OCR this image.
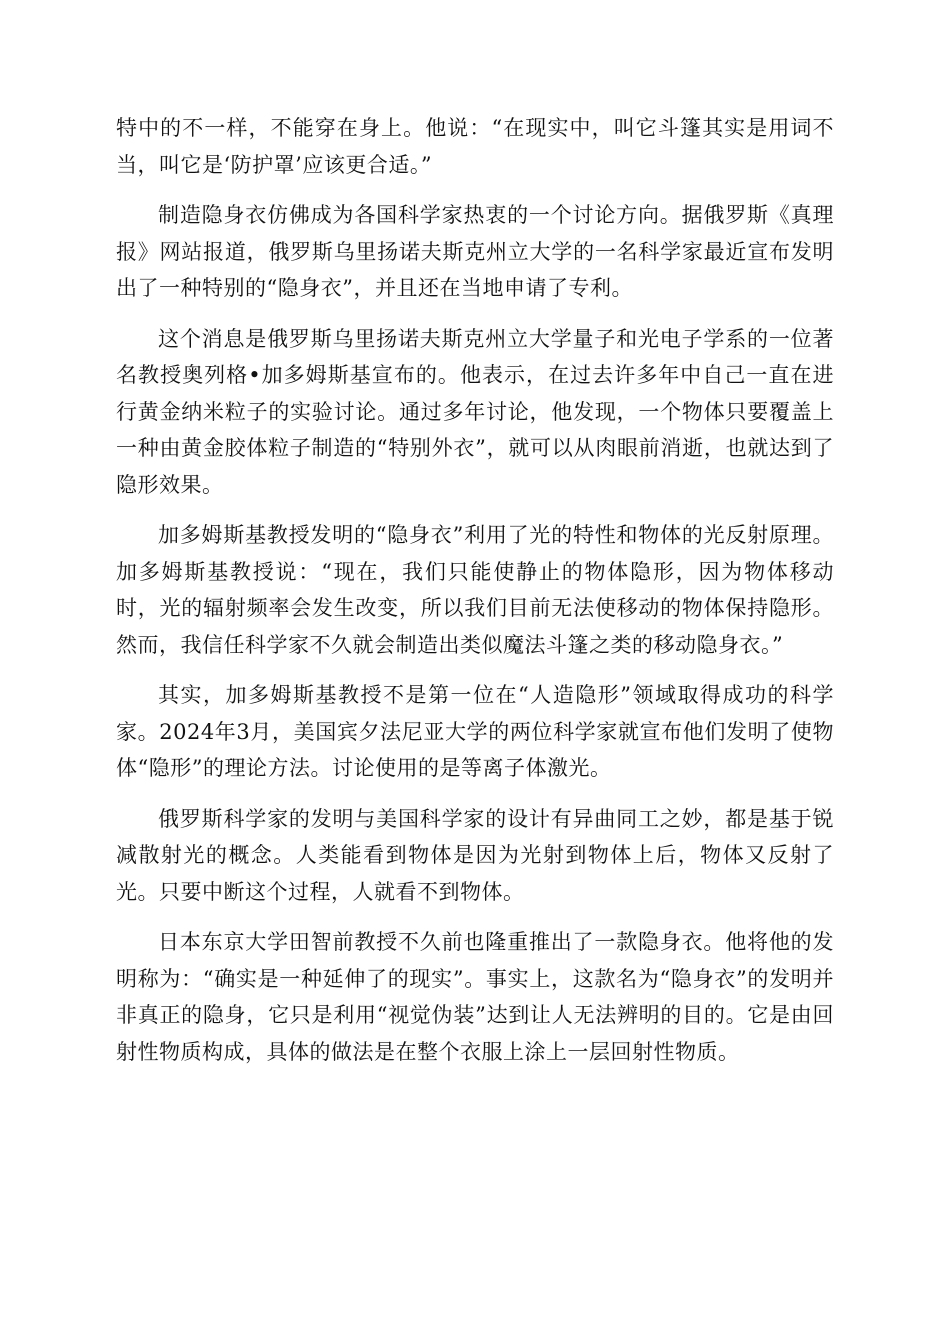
特中的不一样，不能穿在身上。他说：“在现实中，叫它斗篷其实是用词不当，叫它是‘防护罩’应该更合适。”

制造隐身衣仿佛成为各国科学家热衷的一个讨论方向。据俄罗斯《真理报》网站报道，俄罗斯乌里扬诺夫斯克州立大学的一名科学家最近宣布发明出了一种特别的“隐身衣”，并且还在当地申请了专利。

这个消息是俄罗斯乌里扬诺夫斯克州立大学量子和光电子学系的一位著名教授奥列格•加多姆斯基宣布的。他表示，在过去许多年中自己一直在进行黄金纳米粒子的实验讨论。通过多年讨论，他发现，一个物体只要覆盖上一种由黄金胶体粒子制造的“特别外衣”，就可以从肉眼前消逝，也就达到了隐形效果。

加多姆斯基教授发明的“隐身衣”利用了光的特性和物体的光反射原理。加多姆斯基教授说：“现在，我们只能使静止的物体隐形，因为物体移动时，光的辐射频率会发生改变，所以我们目前无法使移动的物体保持隐形。然而，我信任科学家不久就会制造出类似魔法斗篷之类的移动隐身衣。”

其实，加多姆斯基教授不是第一位在“人造隐形”领域取得成功的科学家。2024年3月，美国宾夕法尼亚大学的两位科学家就宣布他们发明了使物体“隐形”的理论方法。讨论使用的是等离子体激光。

俄罗斯科学家的发明与美国科学家的设计有异曲同工之妙，都是基于锐减散射光的概念。人类能看到物体是因为光射到物体上后，物体又反射了光。只要中断这个过程，人就看不到物体。

日本东京大学田智前教授不久前也隆重推出了一款隐身衣。他将他的发明称为：“确实是一种延伸了的现实”。事实上，这款名为“隐身衣”的发明并非真正的隐身，它只是利用“视觉伪装”达到让人无法辨明的目的。它是由回射性物质构成，具体的做法是在整个衣服上涂上一层回射性物质。
